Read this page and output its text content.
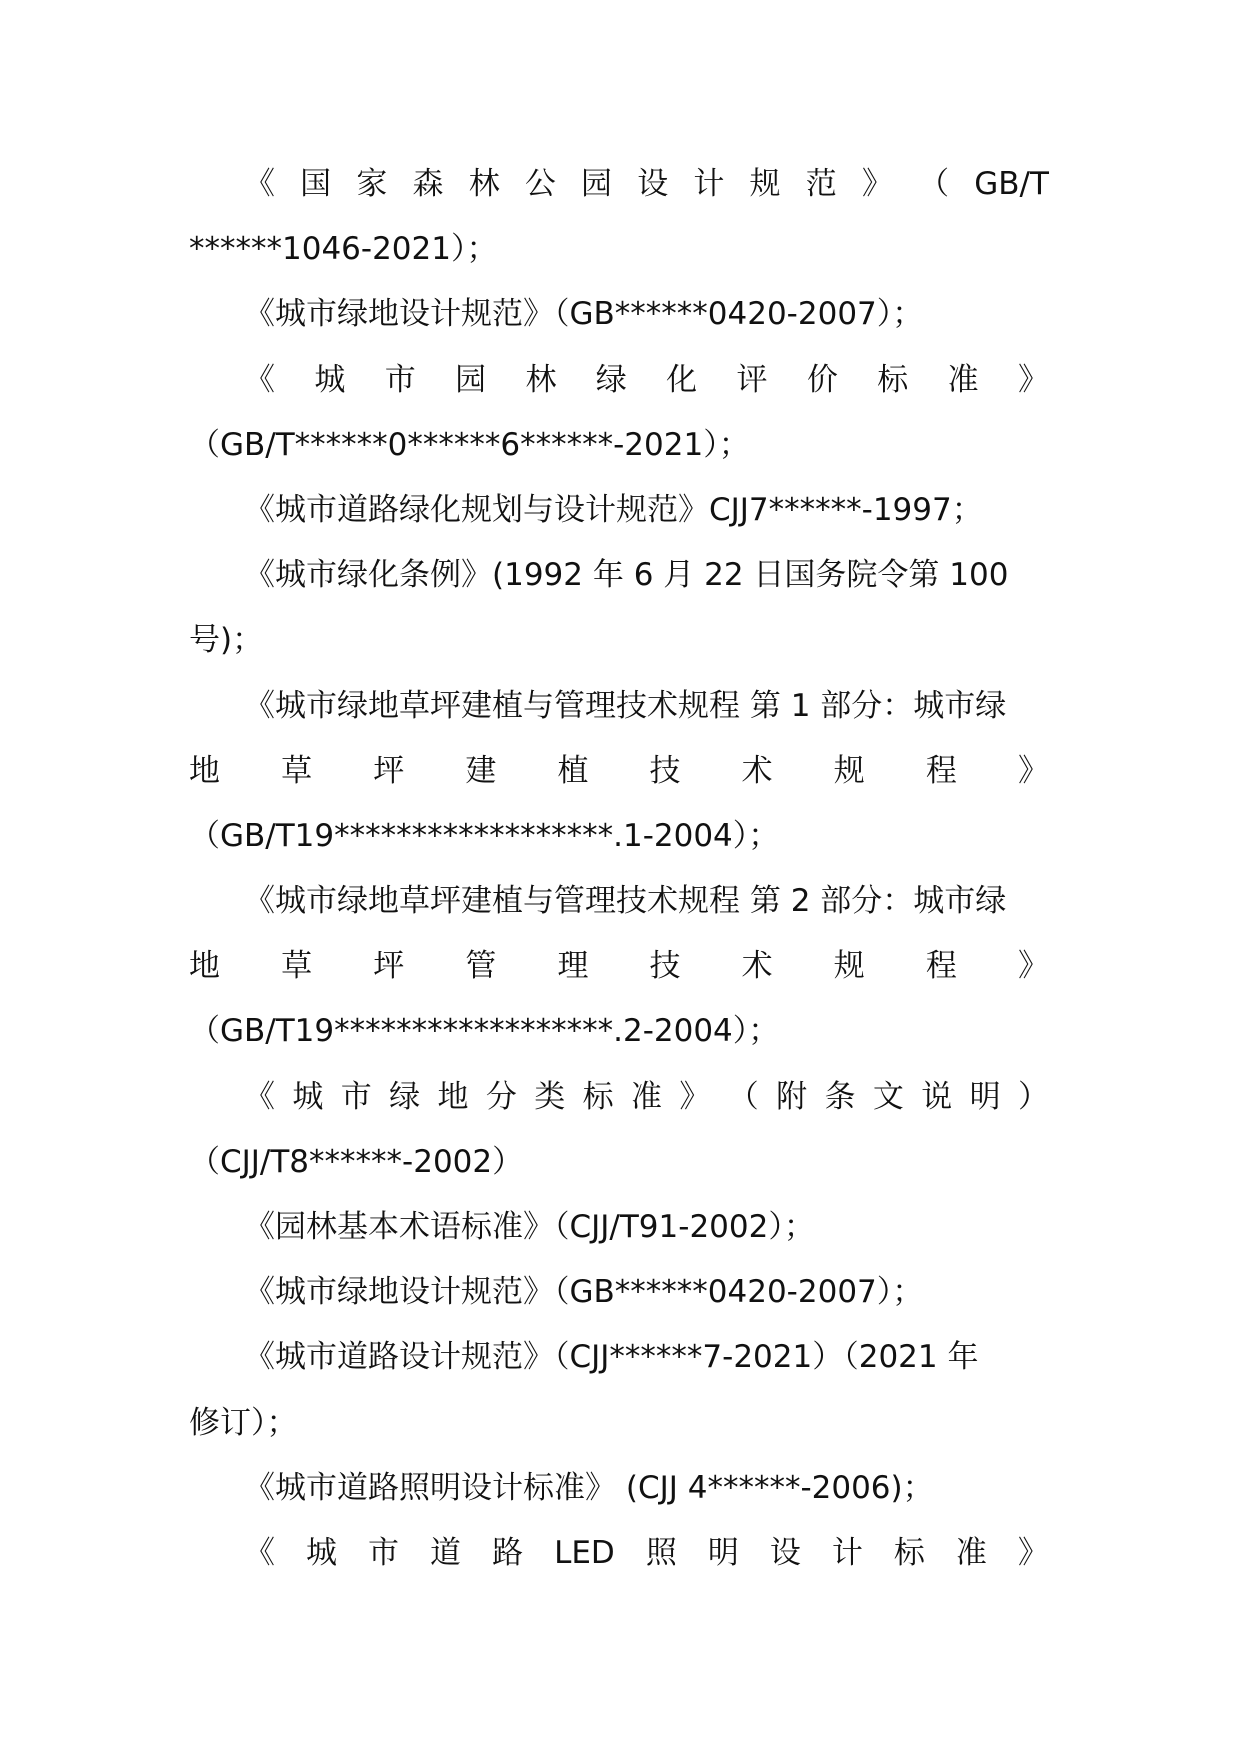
《 国 家 森 林 公 园 设 计 规 范 》 （ GB/T
******1046-2021）；
《城市绿地设计规范》（GB******0420-2007）；
《 城 市 园 林 绿 化 评 价 标 准 》
（GB/T******0******6******-2021）；
《城市道路绿化规划与设计规范》CJJ7******-1997；
《城市绿化条例》(1992 年 6 月 22 日国务院令第 100
号)；
《城市绿地草坪建植与管理技术规程 第 1 部分：城市绿
地 草 坪 建 植 技 术 规 程 》
（GB/T19******************.1-2004）；
《城市绿地草坪建植与管理技术规程 第 2 部分：城市绿
地 草 坪 管 理 技 术 规 程 》
（GB/T19******************.2-2004）；
《 城 市 绿 地 分 类 标 准 》 （ 附 条 文 说 明 ）
（CJJ/T8******-2002）
《园林基本术语标准》（CJJ/T91-2002）；
《城市绿地设计规范》（GB******0420-2007）；
《城市道路设计规范》（CJJ******7-2021）（2021 年
修订）；
《城市道路照明设计标准》 (CJJ 4******-2006)；
《 城 市 道 路 LED 照 明 设 计 标 准 》
